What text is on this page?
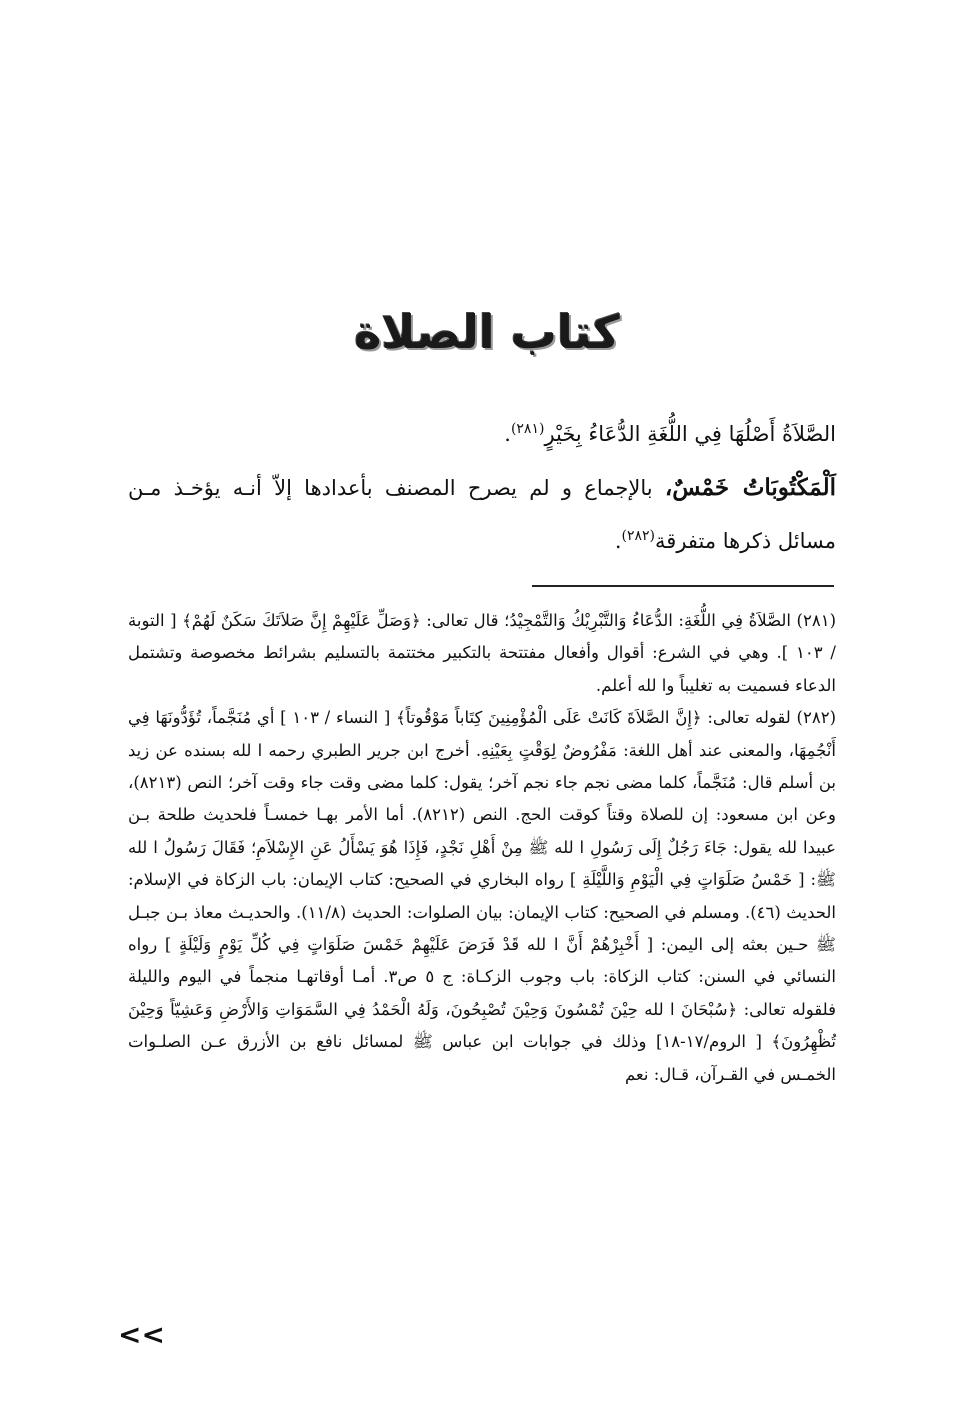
كتاب الصلاة

الصَّلاَةُ أَصْلُهَا فِي اللُّغَةِ الدُّعَاءُ بِخَيْرٍ$^{(٢٨١)}$.

اَلْمَكْتُوبَاتُ خَمْسٌ، بالإجماع و لم يصرح المصنف بأعدادها إلاّ أنـه يؤخـذ مـن مسائل ذكرها متفرقة$^{(٢٨٢)}$.

(٢٨١) الصَّلاَةُ فِي اللُّغَةِ: الدُّعَاءُ وَالتَّبْرِيْكُ وَالتَّمْجِيْدُ؛ قال تعالى: ﴿وَصَلِّ عَلَيْهِمْ إِنَّ صَلاَتَكَ سَكَنٌ لَهُمْ﴾ [ التوبة / ١٠٣ ]. وهي في الشرع: أقوال وأفعال مفتتحة بالتكبير مختتمة بالتسليم بشرائط مخصوصة وتشتمل الدعاء فسميت به تغليباً وا لله أعلم.

(٢٨٢) لقوله تعالى: ﴿إِنَّ الصَّلاَةَ كَانَتْ عَلَى الْمُؤْمِنِينَ كِتَاباً مَوْقُوتاً﴾ [ النساء / ١٠٣ ] أي مُنَجَّماً، تُؤَدُّونَهَا فِي أَنْجُمِهَا، والمعنى عند أهل اللغة: مَفْرُوضٌ لِوَقْتٍ بِعَيْنِهِ. أخرج ابن جرير الطبري رحمه ا لله بسنده عن زيد بن أسلم قال: مُنَجَّماً، كلما مضى نجم جاء نجم آخر؛ يقول: كلما مضى وقت جاء وقت آخر؛ النص (٨٢١٣)، وعن ابن مسعود: إن للصلاة وقتاً كوقت الحج. النص (٨٢١٢). أما الأمر بهـا خمسـاً فلحديث طلحة بـن عبيدا لله يقول: جَاءَ رَجُلٌ إِلَى رَسُولِ ا لله ﷺ مِنْ أَهْلِ نَجْدٍ، فَإِذَا هُوَ يَسْأَلُ عَنِ الإِسْلاَمِ؛ فَقَالَ رَسُولُ ا لله ﷺ: [ خَمْسُ صَلَوَاتٍ فِي الْيَوْمِ وَاللَّيْلَةِ ] رواه البخاري في الصحيح: كتاب الإيمان: باب الزكاة في الإسلام: الحديث (٤٦). ومسلم في الصحيح: كتاب الإيمان: بيان الصلوات: الحديث (١١/٨). والحديـث معاذ بـن جبـل ﷺ حـين بعثه إلى اليمن: [ أَخْبِرْهُمْ أَنَّ ا لله قَدْ فَرَضَ عَلَيْهِمْ خَمْسَ صَلَوَاتٍ فِي كُلِّ يَوْمٍ وَلَيْلَةٍ ] رواه النسائي في السنن: كتاب الزكاة: باب وجوب الزكـاة: ج ٥ ص٣. أمـا أوقاتهـا منجماً في اليوم والليلة فلقوله تعالى: ﴿سُبْحَانَ ا لله حِيْنَ تُمْسُونَ وَحِيْنَ تُصْبِحُونَ، وَلَهُ الْحَمْدُ فِي السَّمَوَاتِ وَالأَرْضِ وَعَشِيّاً وَحِيْنَ تُظْهِرُونَ﴾ [ الروم/١٧-١٨] وذلك في جوابات ابن عباس ﷺ لمسائل نافع بن الأزرق عـن الصلـوات الخمـس في القـرآن، قـال: نعم

<<
